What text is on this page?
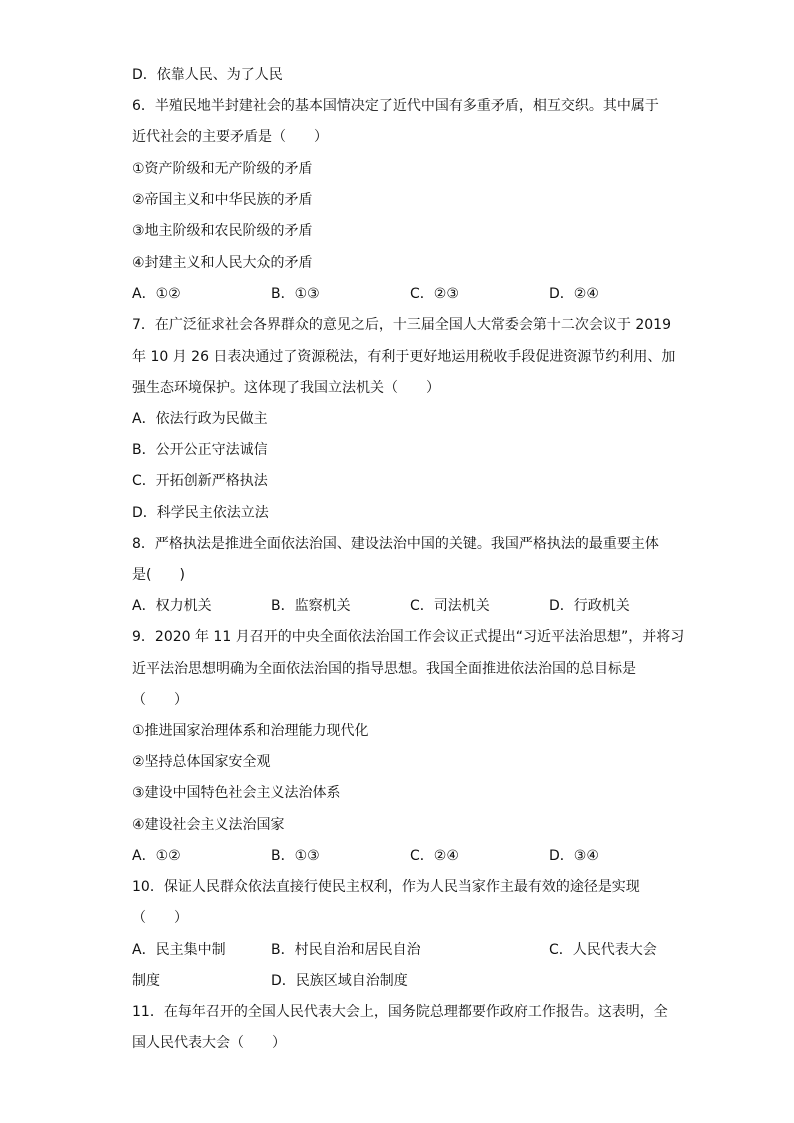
D．依靠人民、为了人民
6．半殖民地半封建社会的基本国情决定了近代中国有多重矛盾，相互交织。其中属于
近代社会的主要矛盾是（　　）
①资产阶级和无产阶级的矛盾
②帝国主义和中华民族的矛盾
③地主阶级和农民阶级的矛盾
④封建主义和人民大众的矛盾
A．①②	B．①③	C．②③	D．②④
7．在广泛征求社会各界群众的意见之后，十三届全国人大常委会第十二次会议于 2019
年 10 月 26 日表决通过了资源税法，有利于更好地运用税收手段促进资源节约利用、加
强生态环境保护。这体现了我国立法机关（　　）
A．依法行政为民做主
B．公开公正守法诚信
C．开拓创新严格执法
D．科学民主依法立法
8．严格执法是推进全面依法治国、建设法治中国的关键。我国严格执法的最重要主体
是(　　)
A．权力机关	B．监察机关	C．司法机关	D．行政机关
9．2020 年 11 月召开的中央全面依法治国工作会议正式提出“习近平法治思想”，并将习
近平法治思想明确为全面依法治国的指导思想。我国全面推进依法治国的总目标是
（　　）
①推进国家治理体系和治理能力现代化
②坚持总体国家安全观
③建设中国特色社会主义法治体系
④建设社会主义法治国家
A．①②	B．①③	C．②④	D．③④
10．保证人民群众依法直接行使民主权利，作为人民当家作主最有效的途径是实现
（　　）
A．民主集中制	B．村民自治和居民自治	C．人民代表大会
制度	D．民族区域自治制度
11．在每年召开的全国人民代表大会上，国务院总理都要作政府工作报告。这表明，全
国人民代表大会（　　）
